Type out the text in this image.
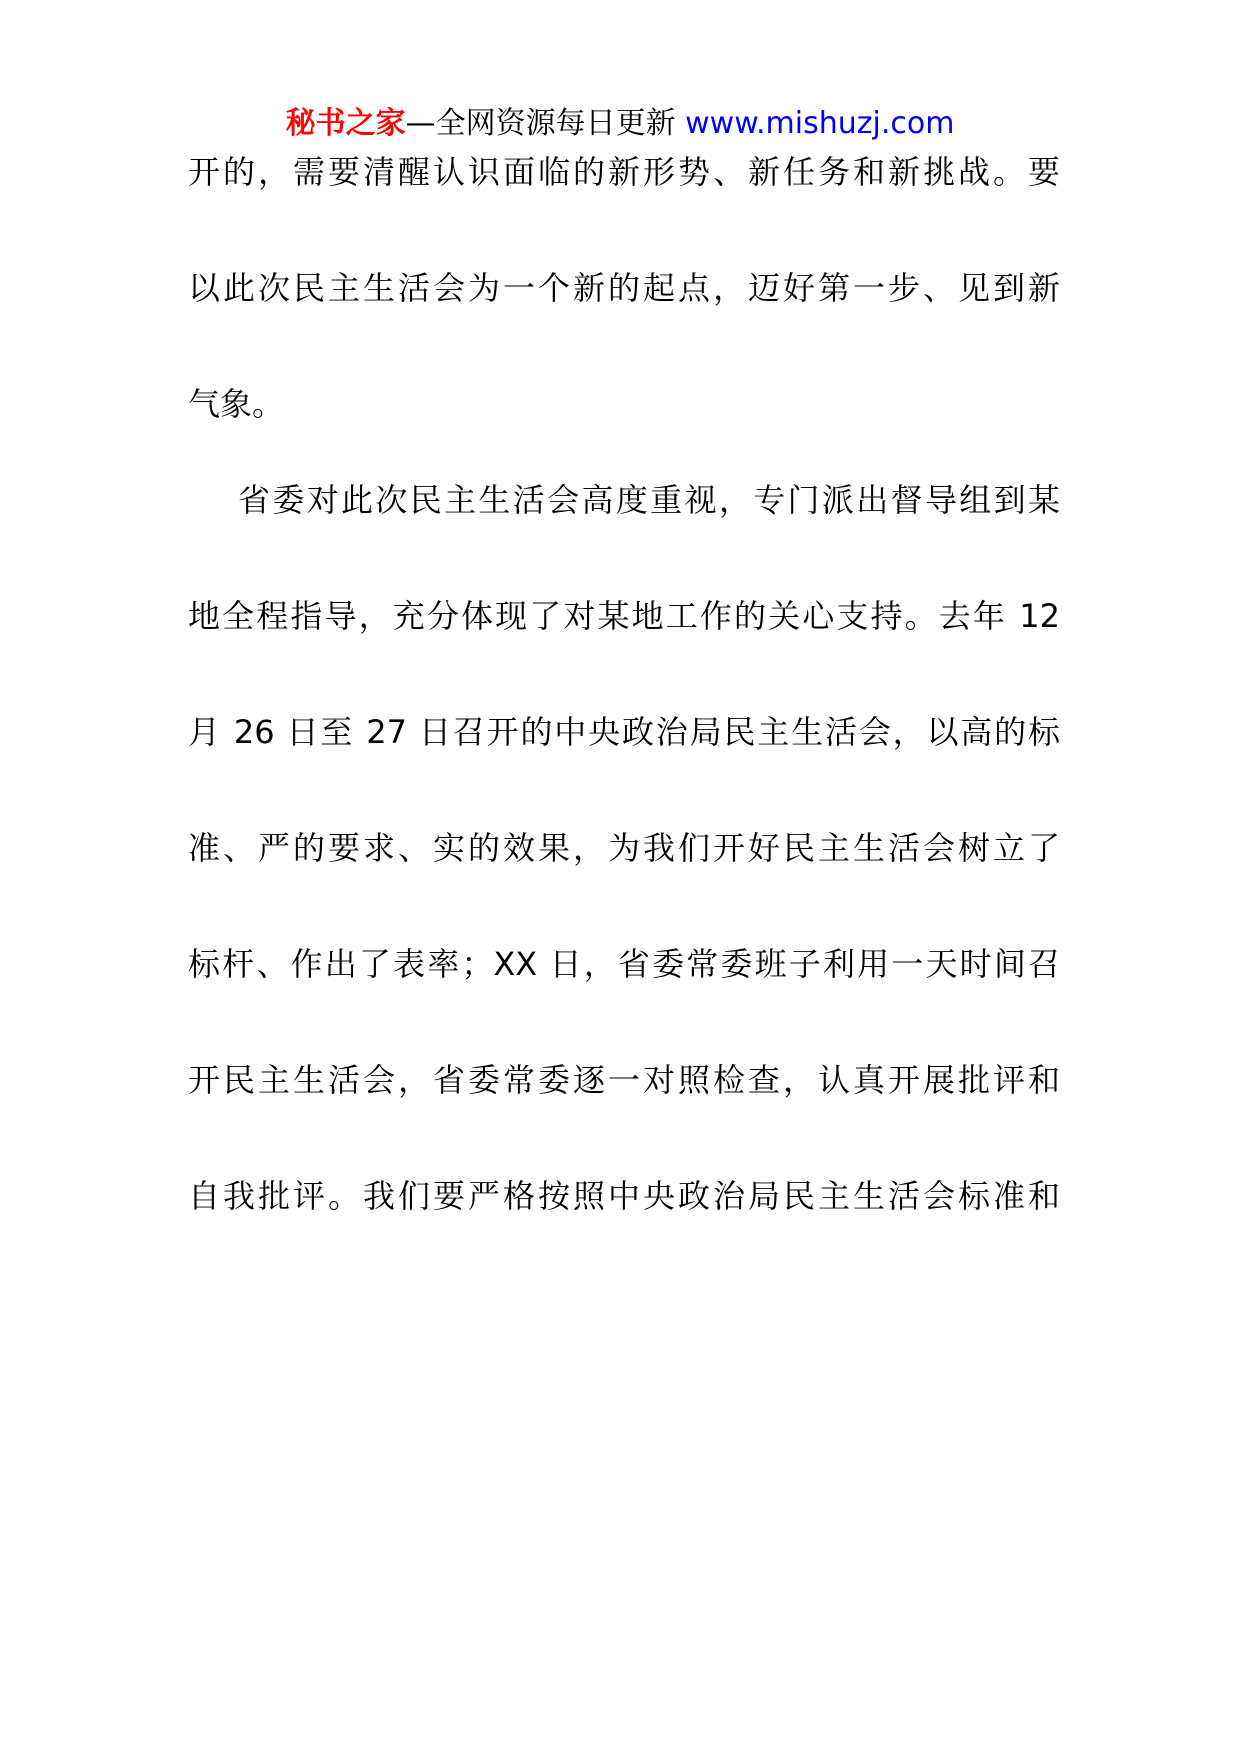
秘书之家—全网资源每日更新 www.mishuzj.com
开的，需要清醒认识面临的新形势、新任务和新挑战。要
以此次民主生活会为一个新的起点，迈好第一步、见到新
气象。
省委对此次民主生活会高度重视，专门派出督导组到某
地全程指导，充分体现了对某地工作的关心支持。去年 12
月 26 日至 27 日召开的中央政治局民主生活会，以高的标
准、严的要求、实的效果，为我们开好民主生活会树立了
标杆、作出了表率；XX 日，省委常委班子利用一天时间召
开民主生活会，省委常委逐一对照检查，认真开展批评和
自我批评。我们要严格按照中央政治局民主生活会标准和
